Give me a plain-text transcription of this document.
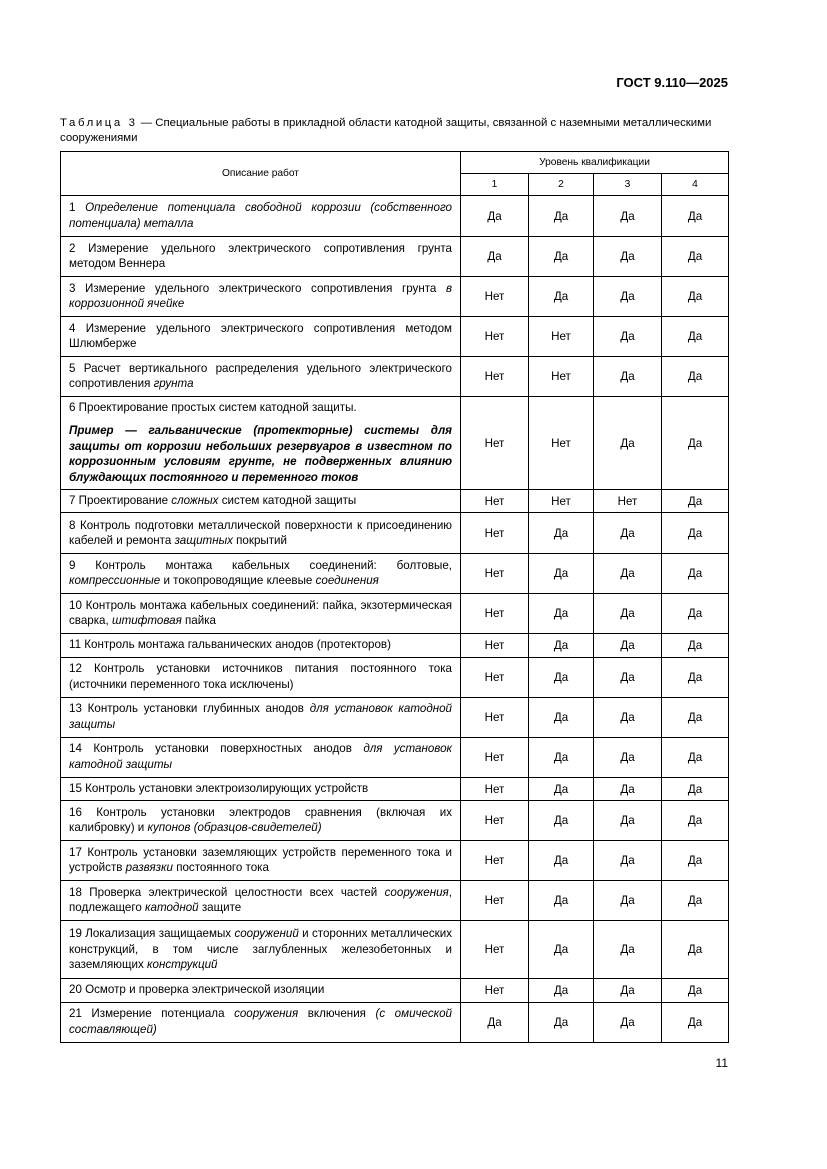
ГОСТ 9.110—2025
Таблица 3 — Специальные работы в прикладной области катодной защиты, связанной с наземными металлическими сооружениями
Описание работ	Уровень квалификации			
	1	2	3	4

1 Определение потенциала свободной коррозии (собственного потенциала) металла	Да	Да	Да	Да

2 Измерение удельного электрического сопротивления грунта методом Веннера	Да	Да	Да	Да

3 Измерение удельного электрического сопротивления грунта в коррозионной ячейке	Нет	Да	Да	Да

4 Измерение удельного электрического сопротивления методом Шлюмберже	Нет	Нет	Да	Да

5 Расчет вертикального распределения удельного электрического сопротивления грунта	Нет	Нет	Да	Да

6 Проектирование простых систем катодной защиты.

Пример — гальванические (протекторные) системы для защиты от коррозии небольших резервуаров в известном по коррозионным условиям грунте, не подверженных влиянию блуждающих постоянного и переменного токов	Нет	Нет	Да	Да

7 Проектирование сложных систем катодной защиты	Нет	Нет	Нет	Да

8 Контроль подготовки металлической поверхности к присоединению кабелей и ремонта защитных покрытий	Нет	Да	Да	Да

9 Контроль монтажа кабельных соединений: болтовые, компрессионные и токопроводящие клеевые соединения	Нет	Да	Да	Да

10 Контроль монтажа кабельных соединений: пайка, экзотермическая сварка, штифтовая пайка	Нет	Да	Да	Да

11 Контроль монтажа гальванических анодов (протекторов)	Нет	Да	Да	Да

12 Контроль установки источников питания постоянного тока (источники переменного тока исключены)	Нет	Да	Да	Да

13 Контроль установки глубинных анодов для установок катодной защиты	Нет	Да	Да	Да

14 Контроль установки поверхностных анодов для установок катодной защиты	Нет	Да	Да	Да

15 Контроль установки электроизолирующих устройств	Нет	Да	Да	Да

16 Контроль установки электродов сравнения (включая их калибровку) и купонов (образцов-свидетелей)	Нет	Да	Да	Да

17 Контроль установки заземляющих устройств переменного тока и устройств развязки постоянного тока	Нет	Да	Да	Да

18 Проверка электрической целостности всех частей сооружения, подлежащего катодной защите	Нет	Да	Да	Да

19 Локализация защищаемых сооружений и сторонних металлических конструкций, в том числе заглубленных железобетонных и заземляющих конструкций	Нет	Да	Да	Да

20 Осмотр и проверка электрической изоляции	Нет	Да	Да	Да

21 Измерение потенциала сооружения включения (с омической составляющей)	Да	Да	Да	Да
11
